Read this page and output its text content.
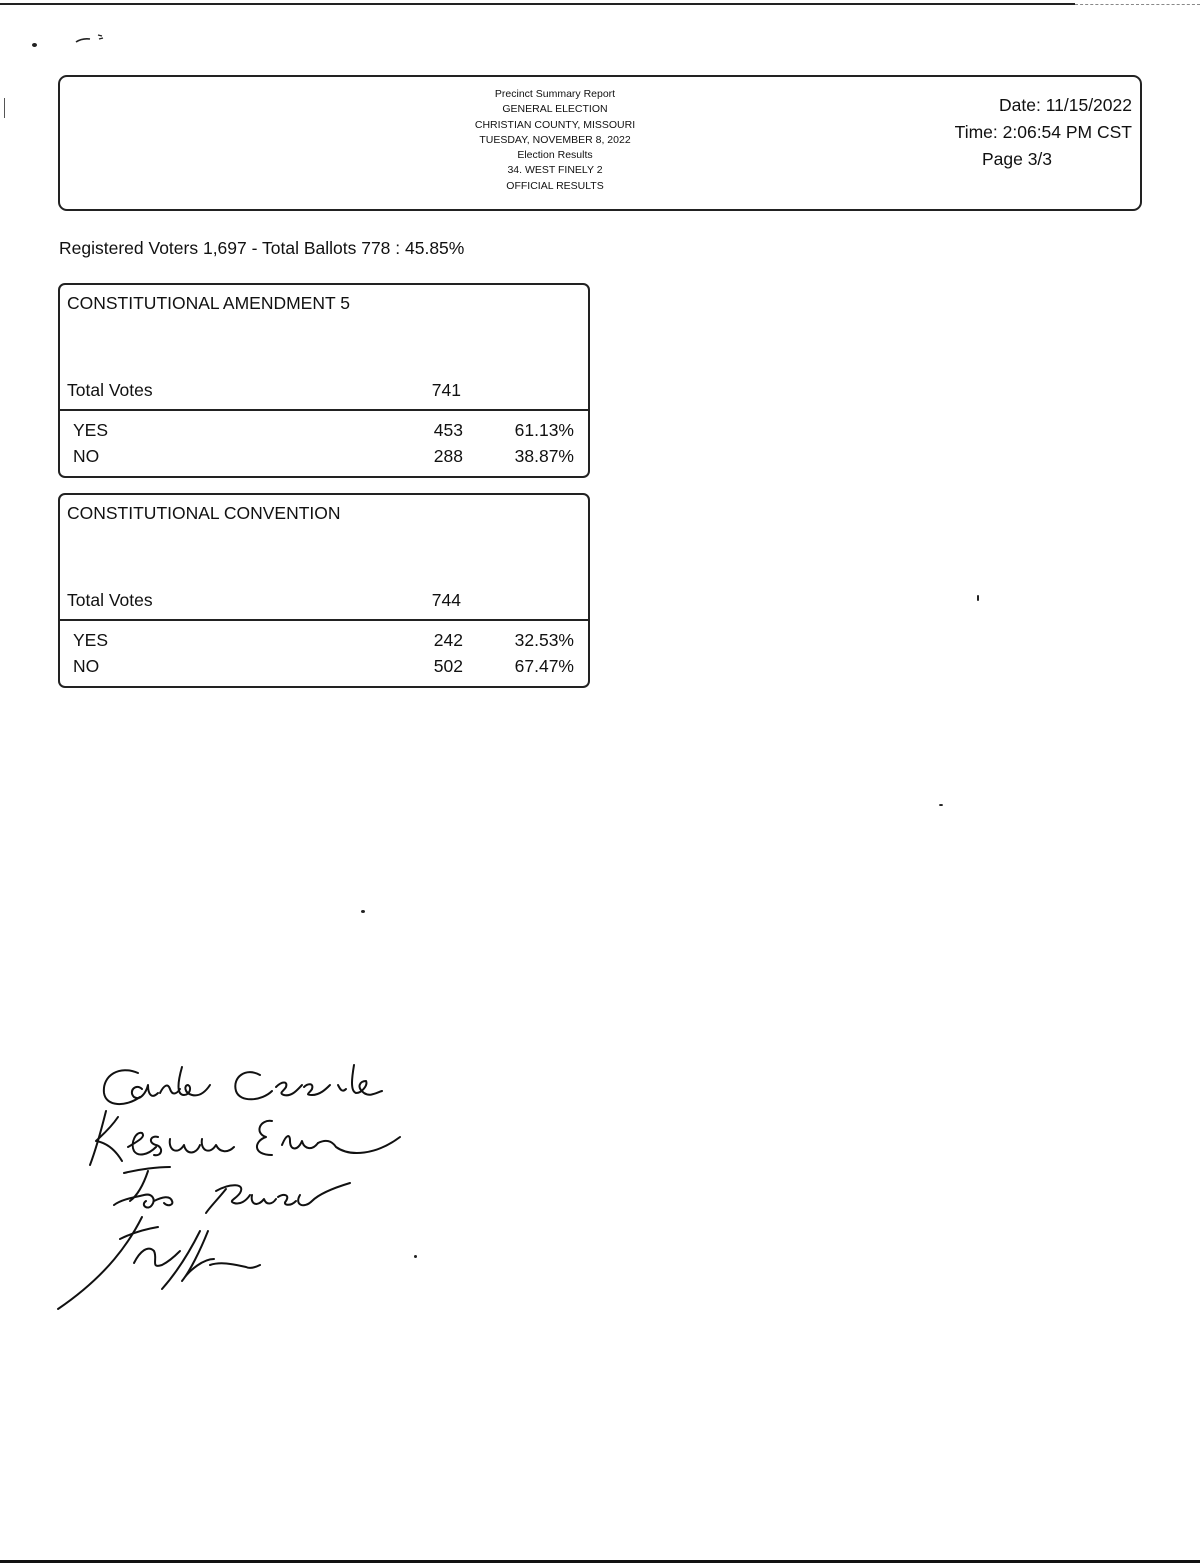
Precinct Summary Report
GENERAL ELECTION
CHRISTIAN COUNTY, MISSOURI
TUESDAY, NOVEMBER 8, 2022
Election Results
34. WEST FINELY 2
OFFICIAL RESULTS
Date: 11/15/2022
Time: 2:06:54 PM CST
Page 3/3
Registered Voters 1,697 - Total Ballots 778 : 45.85%
CONSTITUTIONAL AMENDMENT 5
Total Votes	741
YES	453	61.13%
NO	288	38.87%
CONSTITUTIONAL CONVENTION
Total Votes	744
YES	242	32.53%
NO	502	67.47%
